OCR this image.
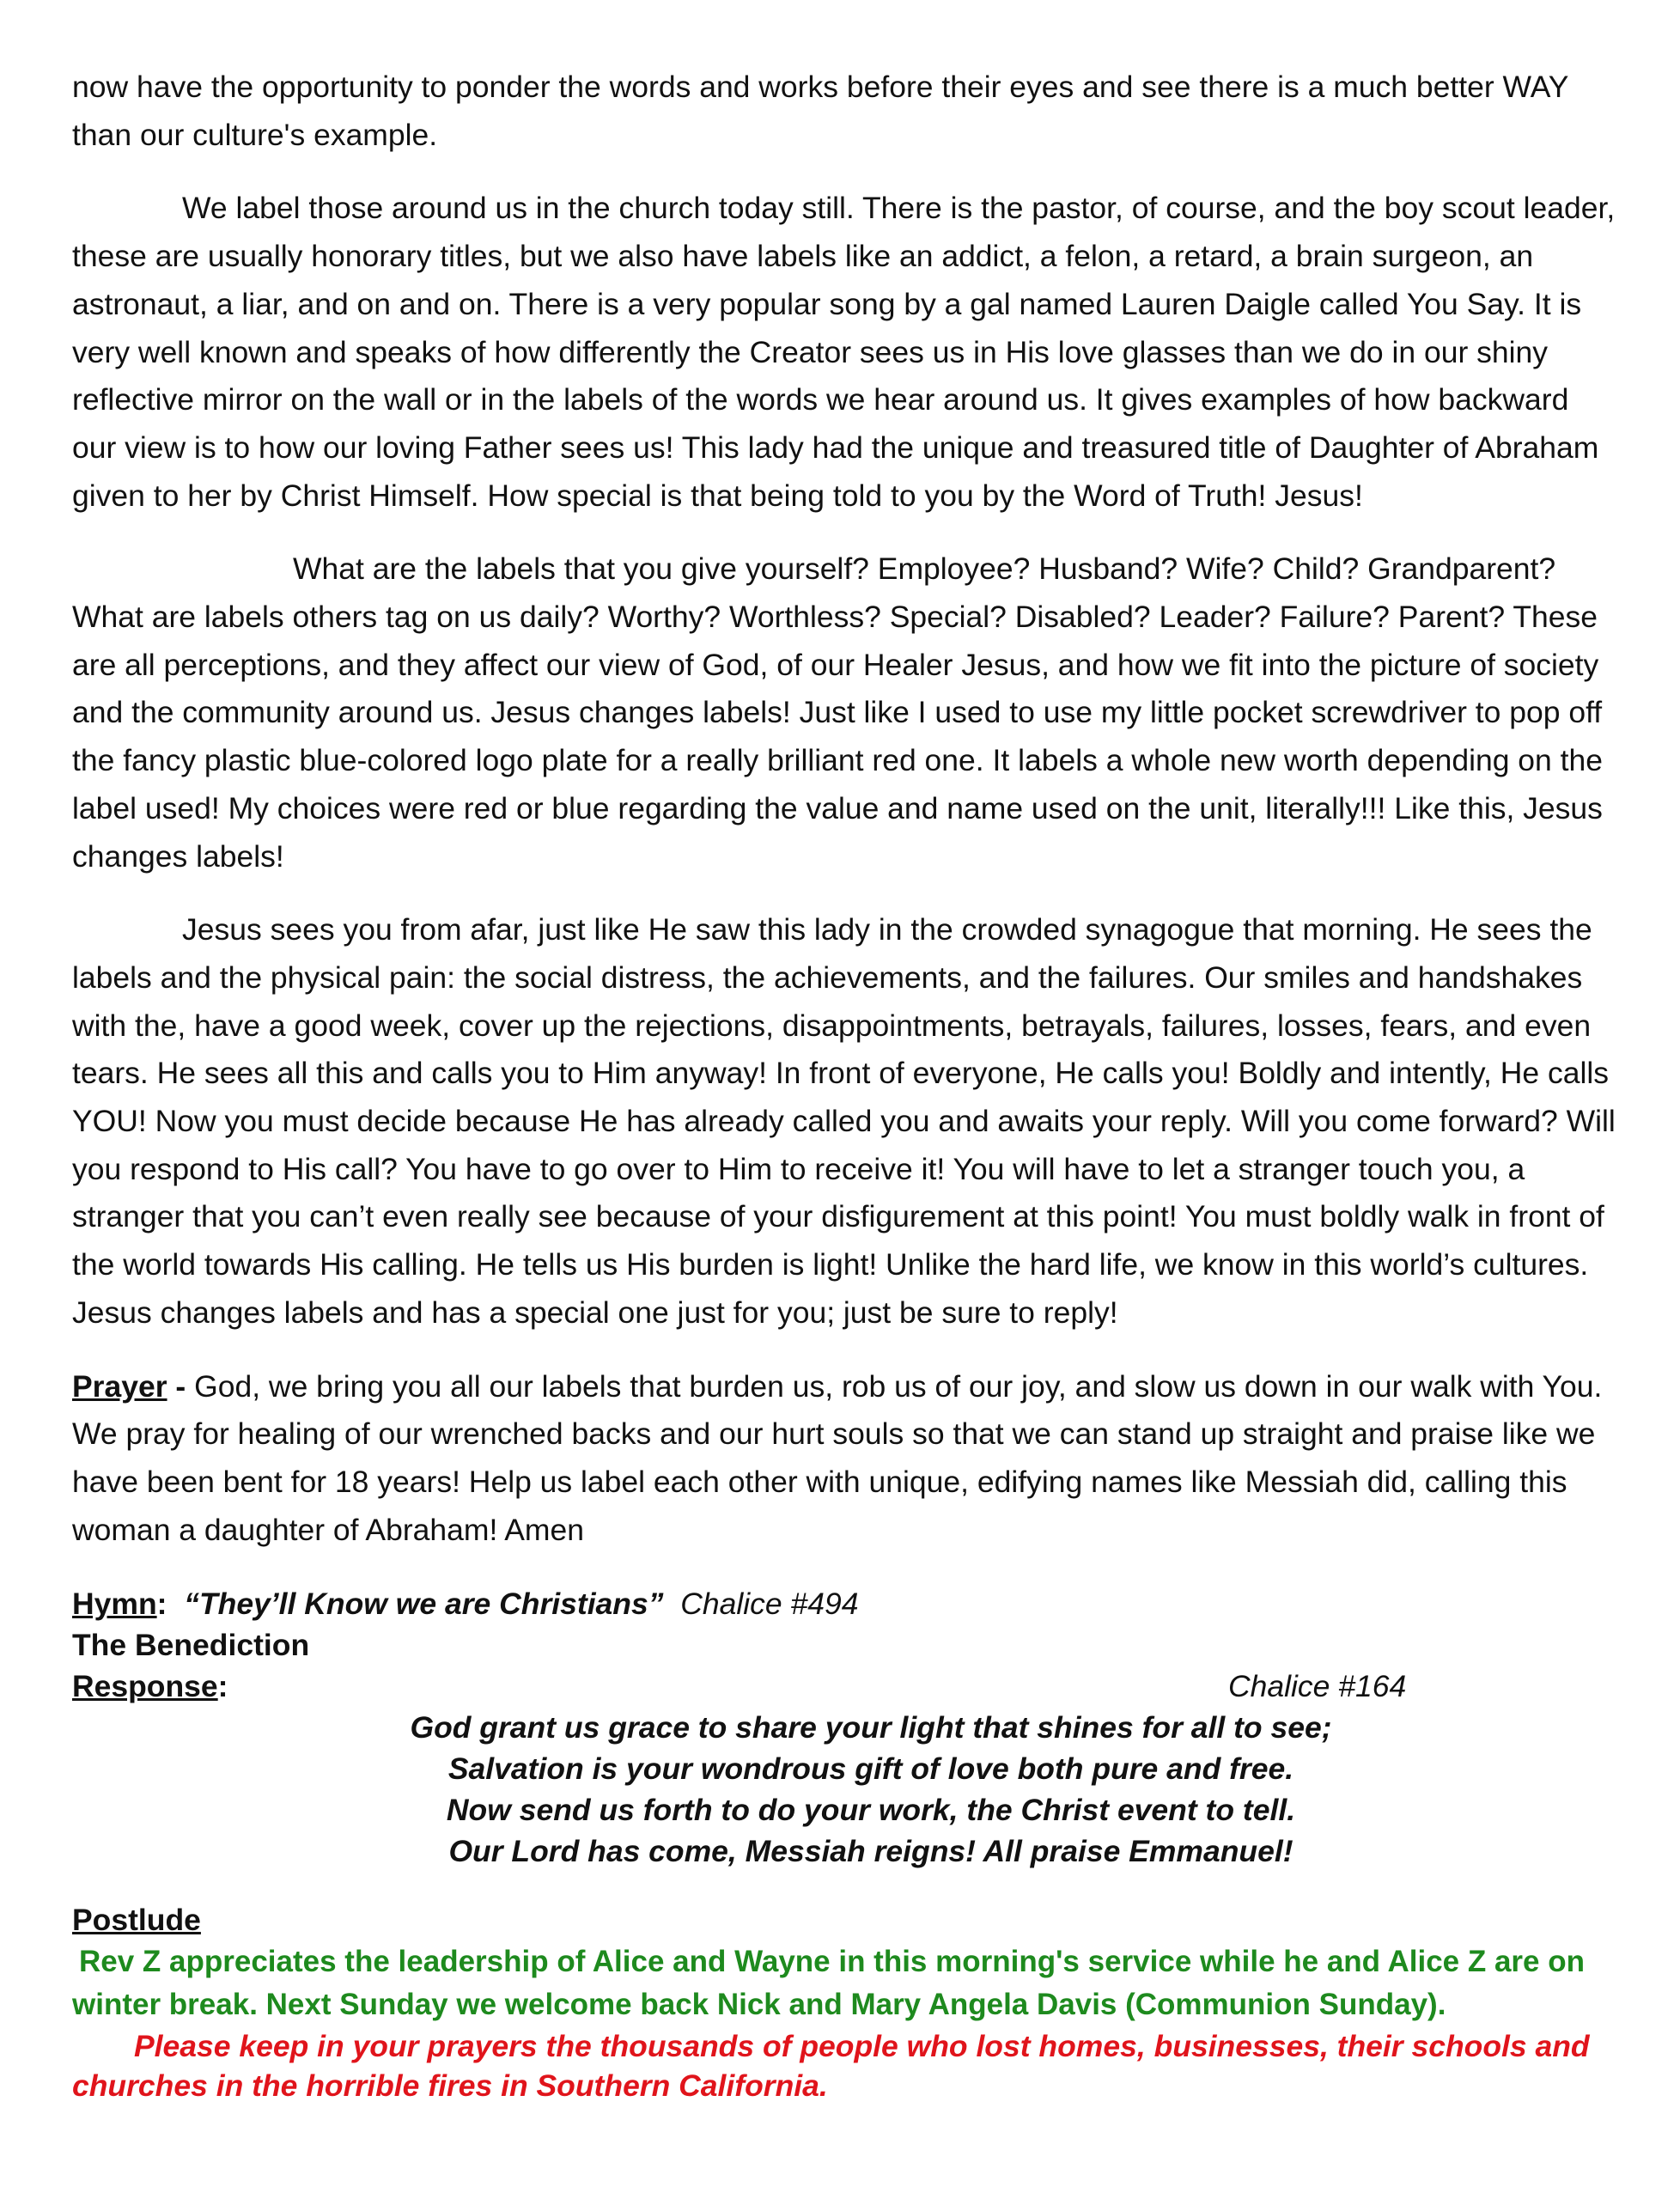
now have the opportunity to ponder the words and works before their eyes and see there is a much better WAY than our culture's example.

We label those around us in the church today still. There is the pastor, of course, and the boy scout leader, these are usually honorary titles, but we also have labels like an addict, a felon, a retard, a brain surgeon, an astronaut, a liar, and on and on. There is a very popular song by a gal named Lauren Daigle called You Say. It is very well known and speaks of how differently the Creator sees us in His love glasses than we do in our shiny reflective mirror on the wall or in the labels of the words we hear around us. It gives examples of how backward our view is to how our loving Father sees us! This lady had the unique and treasured title of Daughter of Abraham given to her by Christ Himself. How special is that being told to you by the Word of Truth! Jesus!

What are the labels that you give yourself? Employee? Husband? Wife? Child? Grandparent? What are labels others tag on us daily? Worthy? Worthless? Special? Disabled? Leader? Failure? Parent? These are all perceptions, and they affect our view of God, of our Healer Jesus, and how we fit into the picture of society and the community around us. Jesus changes labels! Just like I used to use my little pocket screwdriver to pop off the fancy plastic blue-colored logo plate for a really brilliant red one. It labels a whole new worth depending on the label used! My choices were red or blue regarding the value and name used on the unit, literally!!! Like this, Jesus changes labels!

Jesus sees you from afar, just like He saw this lady in the crowded synagogue that morning. He sees the labels and the physical pain: the social distress, the achievements, and the failures. Our smiles and handshakes with the, have a good week, cover up the rejections, disappointments, betrayals, failures, losses, fears, and even tears. He sees all this and calls you to Him anyway! In front of everyone, He calls you! Boldly and intently, He calls YOU! Now you must decide because He has already called you and awaits your reply. Will you come forward? Will you respond to His call? You have to go over to Him to receive it! You will have to let a stranger touch you, a stranger that you can’t even really see because of your disfigurement at this point! You must boldly walk in front of the world towards His calling. He tells us His burden is light! Unlike the hard life, we know in this world’s cultures. Jesus changes labels and has a special one just for you; just be sure to reply!

Prayer - God, we bring you all our labels that burden us, rob us of our joy, and slow us down in our walk with You. We pray for healing of our wrenched backs and our hurt souls so that we can stand up straight and praise like we have been bent for 18 years! Help us label each other with unique, edifying names like Messiah did, calling this woman a daughter of Abraham! Amen

Hymn:  “They’ll Know we are Christians”  Chalice #494

The Benediction

Response:	Chalice #164
God grant us grace to share your light that shines for all to see;
Salvation is your wondrous gift of love both pure and free.
Now send us forth to do your work, the Christ event to tell.
Our Lord has come, Messiah reigns! All praise Emmanuel!

Postlude

Rev Z appreciates the leadership of Alice and Wayne in this morning's service while he and Alice Z are on winter break. Next Sunday we welcome back Nick and Mary Angela Davis (Communion Sunday).

Please keep in your prayers the thousands of people who lost homes, businesses, their schools and churches in the horrible fires in Southern California.
